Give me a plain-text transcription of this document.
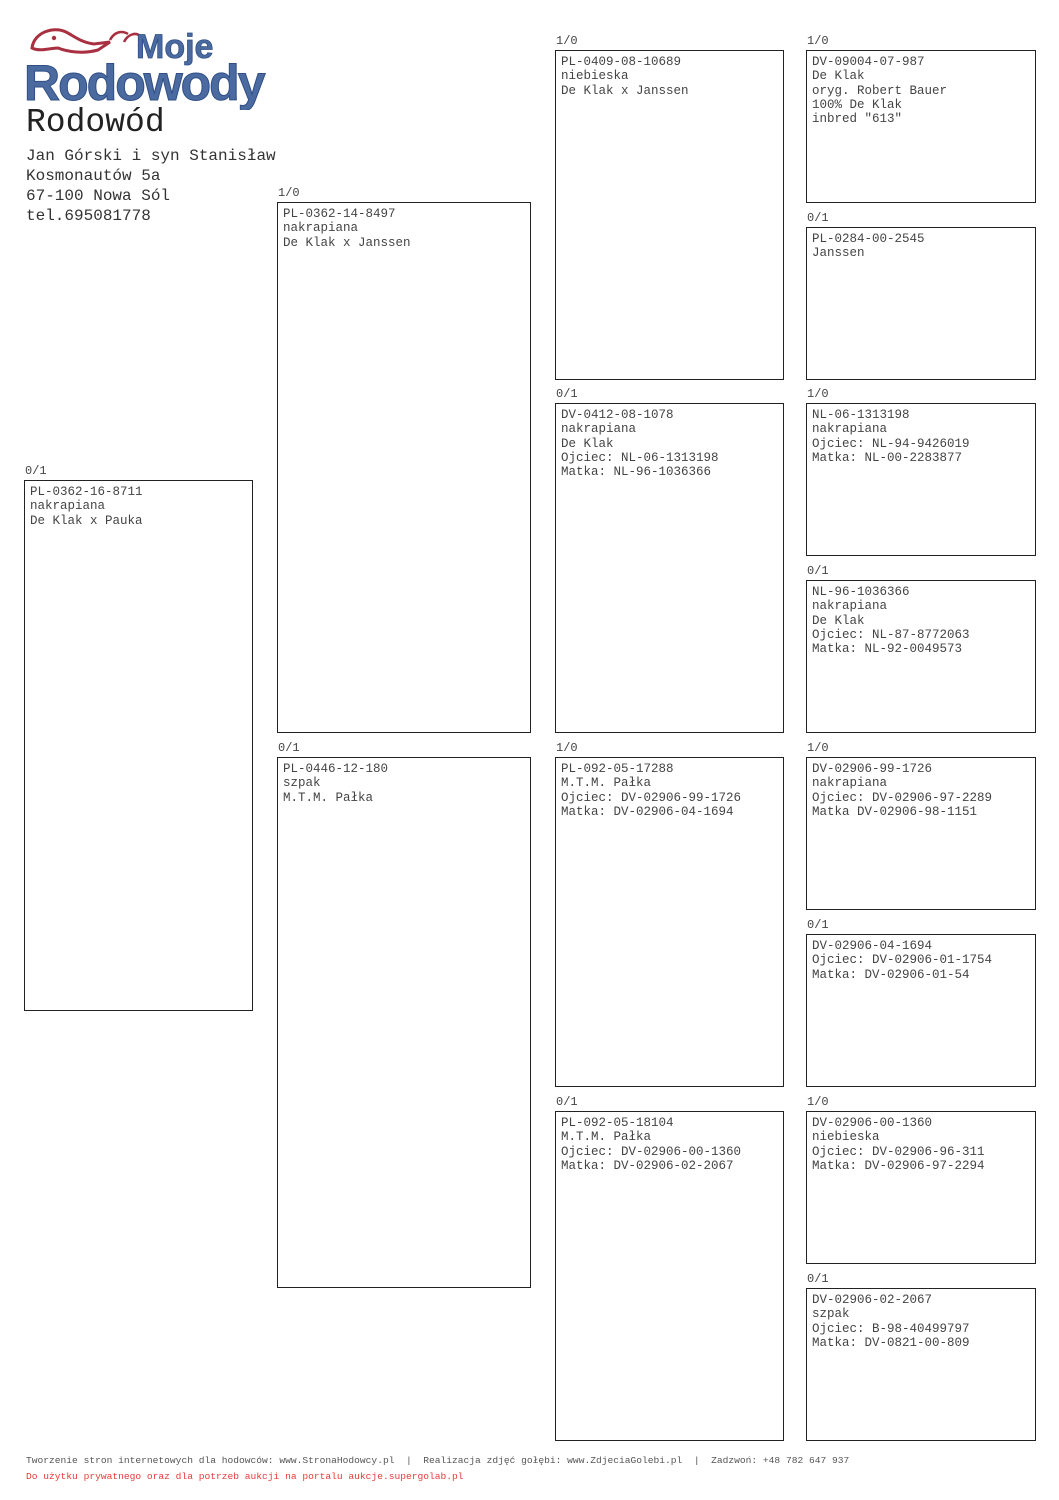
Moje
Rodowody
Rodowód
Jan Górski i syn Stanisław
Kosmonautów 5a
67-100 Nowa Sól
tel.695081778
0/1
PL-0362-16-8711
nakrapiana
De Klak x Pauka
1/0
PL-0362-14-8497
nakrapiana
De Klak x Janssen
0/1
PL-0446-12-180
szpak
M.T.M. Pałka
1/0
PL-0409-08-10689
niebieska
De Klak x Janssen
0/1
DV-0412-08-1078
nakrapiana
De Klak
Ojciec: NL-06-1313198
Matka: NL-96-1036366
1/0
PL-092-05-17288
M.T.M. Pałka
Ojciec: DV-02906-99-1726
Matka: DV-02906-04-1694
0/1
PL-092-05-18104
M.T.M. Pałka
Ojciec: DV-02906-00-1360
Matka: DV-02906-02-2067
1/0
DV-09004-07-987
De Klak
oryg. Robert Bauer
100% De Klak
inbred "613"
0/1
PL-0284-00-2545
Janssen
1/0
NL-06-1313198
nakrapiana
Ojciec: NL-94-9426019
Matka: NL-00-2283877
0/1
NL-96-1036366
nakrapiana
De Klak
Ojciec: NL-87-8772063
Matka: NL-92-0049573
1/0
DV-02906-99-1726
nakrapiana
Ojciec: DV-02906-97-2289
Matka DV-02906-98-1151
0/1
DV-02906-04-1694
Ojciec: DV-02906-01-1754
Matka: DV-02906-01-54
1/0
DV-02906-00-1360
niebieska
Ojciec: DV-02906-96-311
Matka: DV-02906-97-2294
0/1
DV-02906-02-2067
szpak
Ojciec: B-98-40499797
Matka: DV-0821-00-809
Tworzenie stron internetowych dla hodowców: www.StronaHodowcy.pl  |  Realizacja zdjęć gołębi: www.ZdjeciaGolebi.pl  |  Zadzwoń: +48 782 647 937
Do użytku prywatnego oraz dla potrzeb aukcji na portalu aukcje.supergolab.pl
